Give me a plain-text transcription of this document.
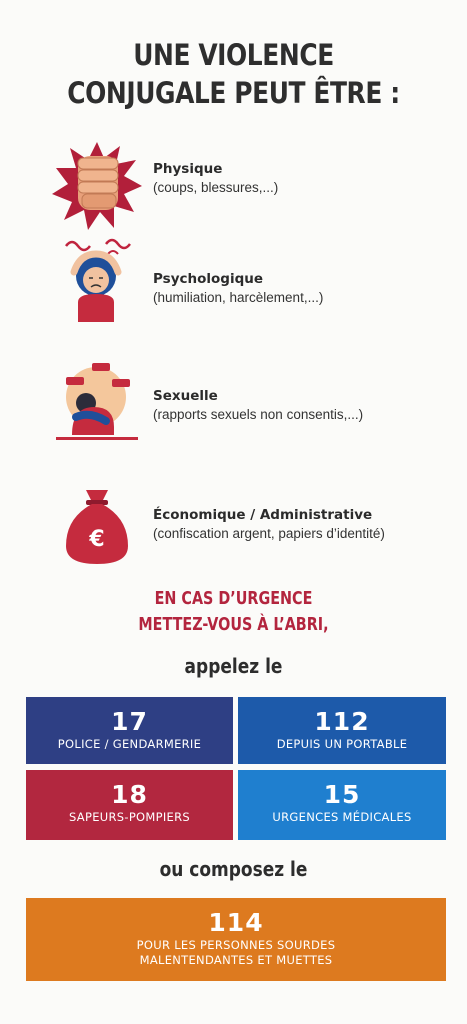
UNE VIOLENCE
CONJUGALE PEUT ÊTRE :
Physique
(coups, blessures,...)
Psychologique
(humiliation, harcèlement,...)
Sexuelle
(rapports sexuels non consentis,...)
€
Économique / Administrative
(confiscation argent, papiers d’identité)
EN CAS D’URGENCE
METTEZ-VOUS À L’ABRI,
appelez le
17
POLICE / GENDARMERIE
112
DEPUIS UN PORTABLE
18
SAPEURS-POMPIERS
15
URGENCES MÉDICALES
ou composez le
114
POUR LES PERSONNES SOURDES
MALENTENDANTES ET MUETTES
